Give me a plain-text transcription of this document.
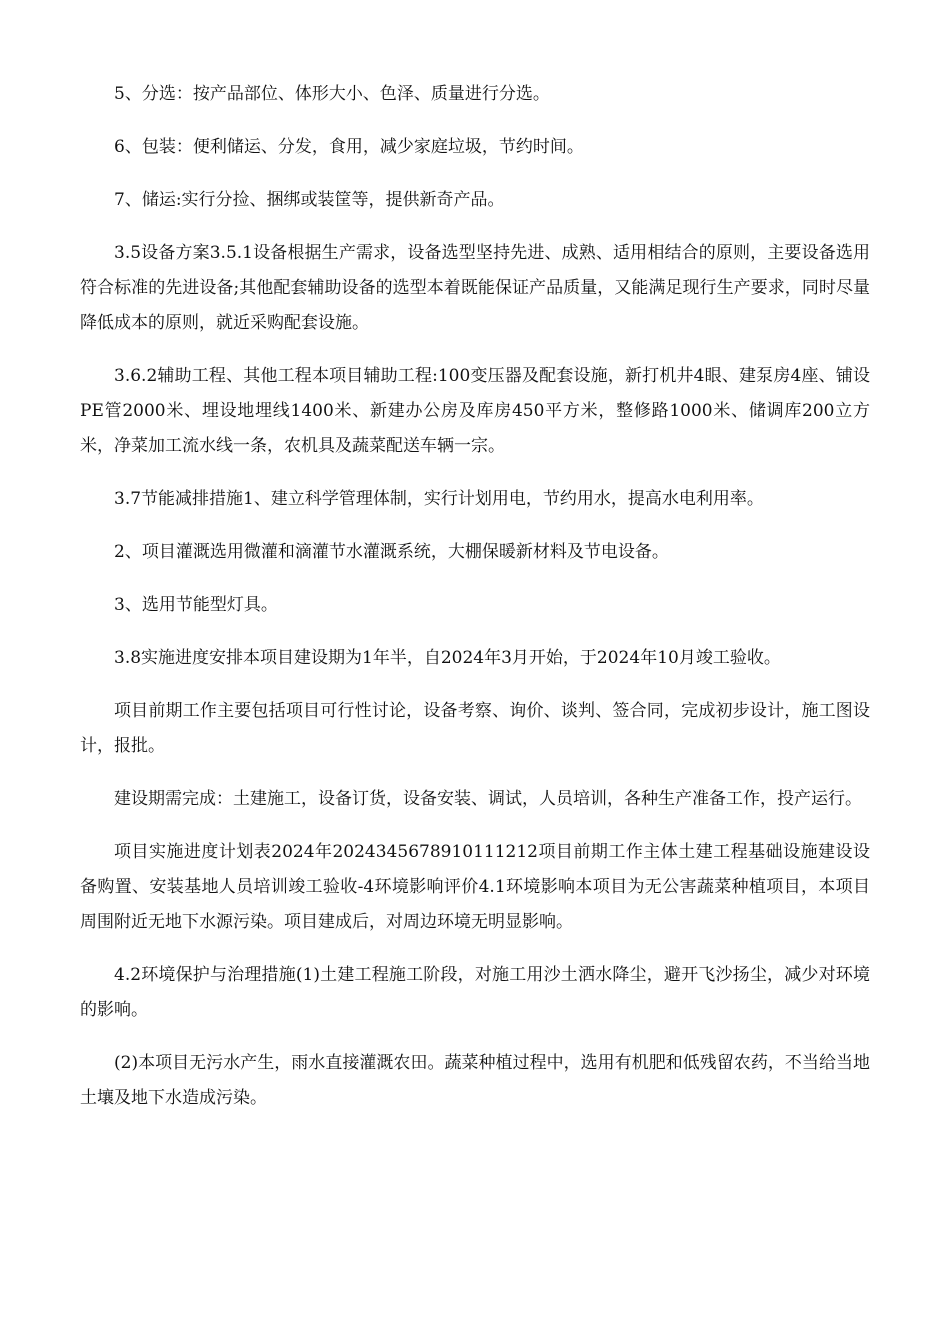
5、分选：按产品部位、体形大小、色泽、质量进行分选。

6、包装：便利储运、分发，食用，减少家庭垃圾，节约时间。

7、储运:实行分捡、捆绑或装筐等，提供新奇产品。

3.5设备方案3.5.1设备根据生产需求，设备选型坚持先进、成熟、适用相结合的原则，主要设备选用符合标准的先进设备;其他配套辅助设备的选型本着既能保证产品质量，又能满足现行生产要求，同时尽量降低成本的原则，就近采购配套设施。

3.6.2辅助工程、其他工程本项目辅助工程:100变压器及配套设施，新打机井4眼、建泵房4座、铺设PE管2000米、埋设地埋线1400米、新建办公房及库房450平方米，整修路1000米、储调库200立方米，净菜加工流水线一条，农机具及蔬菜配送车辆一宗。

3.7节能减排措施1、建立科学管理体制，实行计划用电，节约用水，提高水电利用率。

2、项目灌溉选用微灌和滴灌节水灌溉系统，大棚保暖新材料及节电设备。

3、选用节能型灯具。

3.8实施进度安排本项目建设期为1年半，自2024年3月开始，于2024年10月竣工验收。

项目前期工作主要包括项目可行性讨论，设备考察、询价、谈判、签合同，完成初步设计，施工图设计，报批。

建设期需完成：土建施工，设备订货，设备安装、调试，人员培训，各种生产准备工作，投产运行。

项目实施进度计划表2024年2024345678910111212项目前期工作主体土建工程基础设施建设设备购置、安装基地人员培训竣工验收-4环境影响评价4.1环境影响本项目为无公害蔬菜种植项目，本项目周围附近无地下水源污染。项目建成后，对周边环境无明显影响。

4.2环境保护与治理措施(1)土建工程施工阶段，对施工用沙土洒水降尘，避开飞沙扬尘，减少对环境的影响。

(2)本项目无污水产生，雨水直接灌溉农田。蔬菜种植过程中，选用有机肥和低残留农药，不当给当地土壤及地下水造成污染。
